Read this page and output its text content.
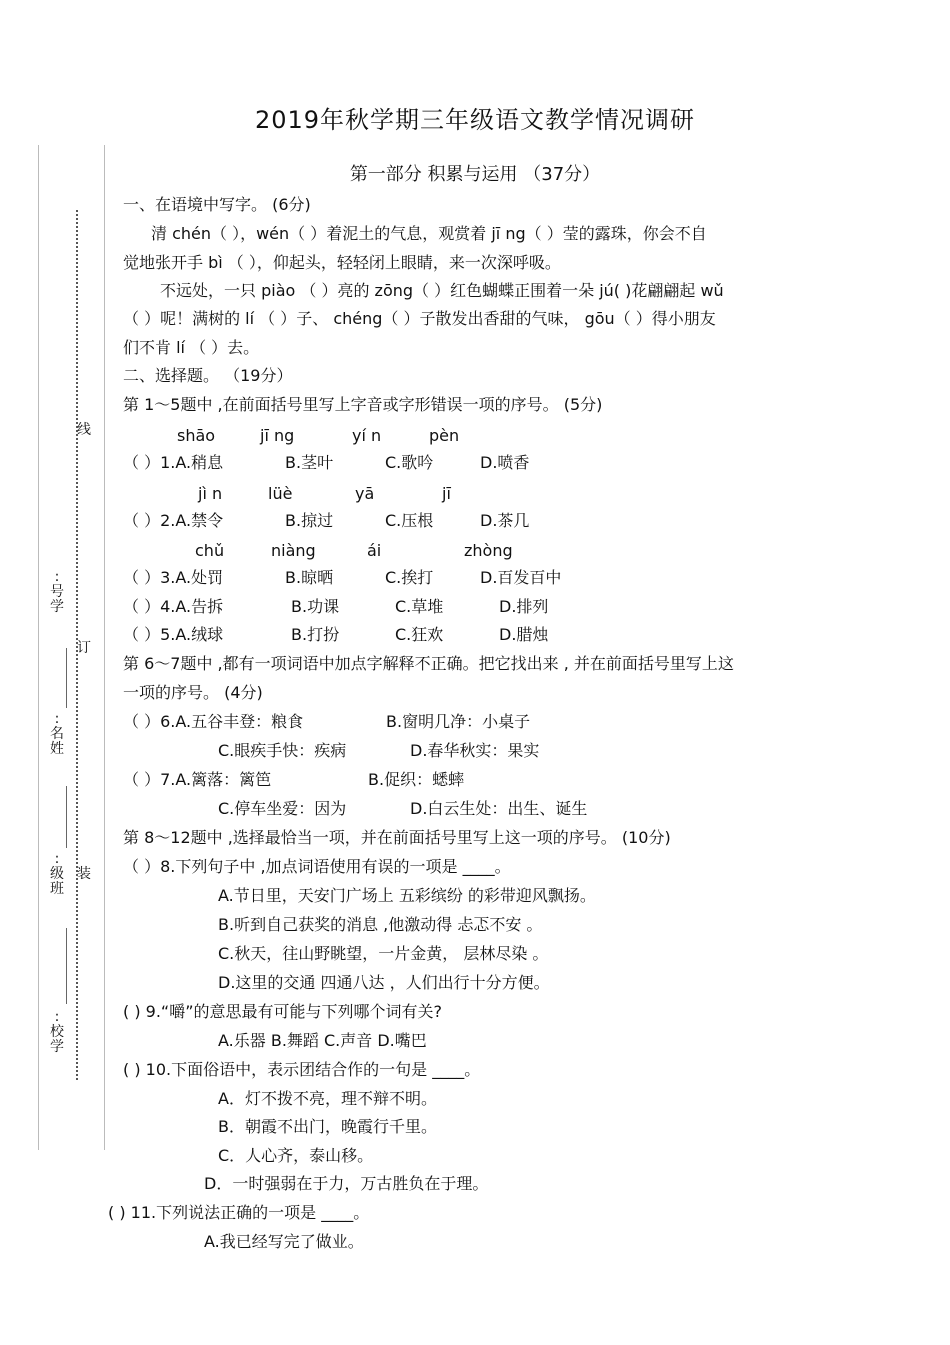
线
订
装
:号学
:名姓
:级班
:校学
2019年秋学期三年级语文教学情况调研
第一部分 积累与运用 （37分）
一、在语境中写字。 (6分)
清 chén（ ），wén（ ）着泥土的气息，观赏着 jī ng（ ）莹的露珠，你会不自
觉地张开手 bì （ ），仰起头，轻轻闭上眼睛，来一次深呼吸。
不远处，一只 piào （ ）亮的 zōng（ ）红色蝴蝶正围着一朵 jú( )花翩翩起 wǔ
（ ）呢！满树的 lí （ ）子、 chéng（ ）子散发出香甜的气味， gōu（ ）得小朋友
们不肯 lí （ ）去。
二、选择题。 （19分）
第 1～5题中 ,在前面括号里写上字音或字形错误一项的序号。 (5分)
shāo	jī ng	yí n	pèn
（ ）1.A.稍息	B.茎叶	C.歌吟	D.喷香
jì n	lüè	yā	jī
（ ）2.A.禁令	B.掠过	C.压根	D.茶几
chǔ	niàng	ái	zhòng
（ ）3.A.处罚	B.晾晒	C.挨打	D.百发百中
（ ）4.A.告拆	B.功课	C.草堆	D.排列
（ ）5.A.绒球	B.打扮	C.狂欢	D.腊烛
第 6～7题中 ,都有一项词语中加点字解释不正确。把它找出来 , 并在前面括号里写上这
一项的序号。 (4分)
（ ）6.A.五谷丰登：粮食	B.窗明几净：小桌子
C.眼疾手快：疾病	D.春华秋实：果实
（ ）7.A.篱落：篱笆	B.促织：蟋蟀
C.停车坐爱：因为	D.白云生处：出生、诞生
第 8～12题中 ,选择最恰当一项，并在前面括号里写上这一项的序号。 (10分)
（ ）8.下列句子中 ,加点词语使用有误的一项是 ____。
A.节日里，天安门广场上 五彩缤纷 的彩带迎风飘扬。
B.听到自己获奖的消息 ,他激动得 忐忑不安 。
C.秋天，往山野眺望，一片金黄， 层林尽染 。
D.这里的交通 四通八达 ，人们出行十分方便。
( ) 9.“嚼”的意思最有可能与下列哪个词有关?
A.乐器 B.舞蹈 C.声音 D.嘴巴
( ) 10.下面俗语中，表示团结合作的一句是 ____。
A．灯不拨不亮，理不辩不明。
B．朝霞不出门，晚霞行千里。
C．人心齐，泰山移。
D．一时强弱在于力，万古胜负在于理。
( ) 11.下列说法正确的一项是 ____。
A.我已经写完了做业。
